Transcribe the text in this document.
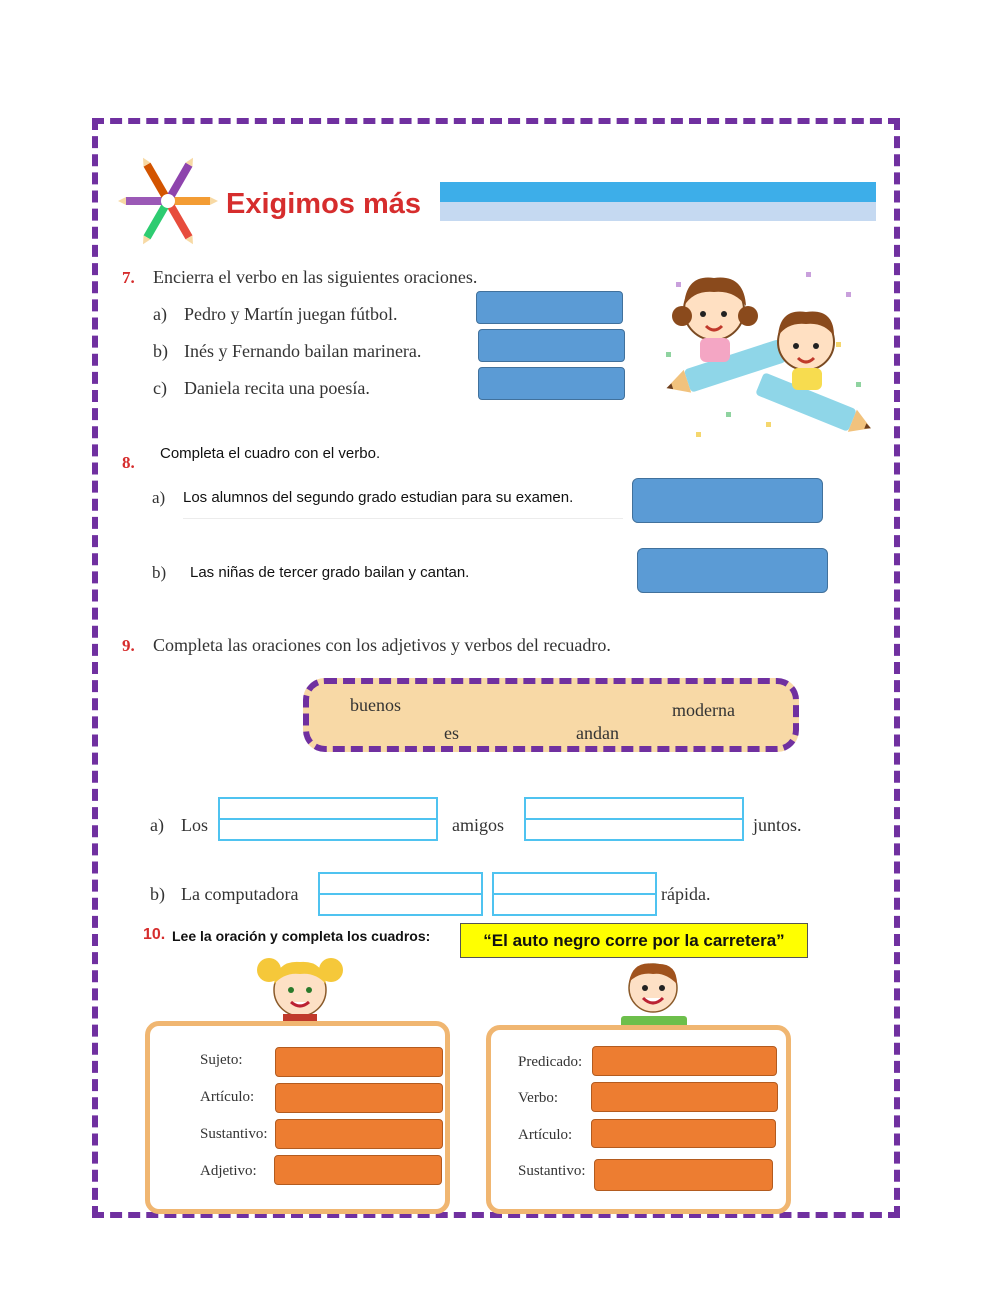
Exigimos más
7. Encierra el verbo en las siguientes oraciones.
a) Pedro y Martín juegan fútbol.
b) Inés y Fernando bailan marinera.
c) Daniela recita una poesía.
8. Completa el cuadro con el verbo.
a) Los alumnos del segundo grado estudian para su examen.
b) Las niñas de tercer grado bailan y cantan.
9. Completa las oraciones con los adjetivos y verbos del recuadro.
buenos	moderna
es	andan
a) Los	amigos	juntos.
b) La computadora	rápida.
10. Lee la oración y completa los cuadros:	“El auto negro corre por la carretera”
Sujeto:
Artículo:
Sustantivo:
Adjetivo:
Predicado:
Verbo:
Artículo:
Sustantivo:
